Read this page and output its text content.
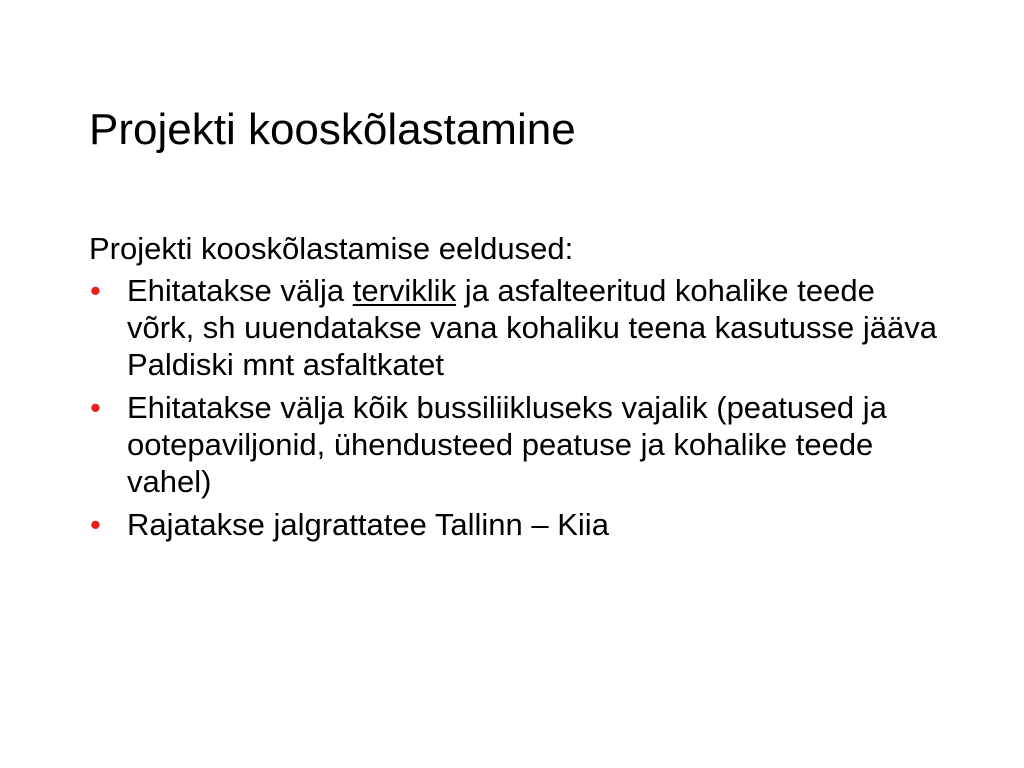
Projekti kooskõlastamine

Projekti kooskõlastamise eeldused:

• Ehitatakse välja terviklik ja asfalteeritud kohalike teede võrk, sh uuendatakse vana kohaliku teena kasutusse jääva Paldiski mnt asfaltkatet
• Ehitatakse välja kõik bussiliikluseks vajalik (peatused ja ootepaviljonid, ühendusteed peatuse ja kohalike teede vahel)
• Rajatakse jalgrattatee Tallinn – Kiia
